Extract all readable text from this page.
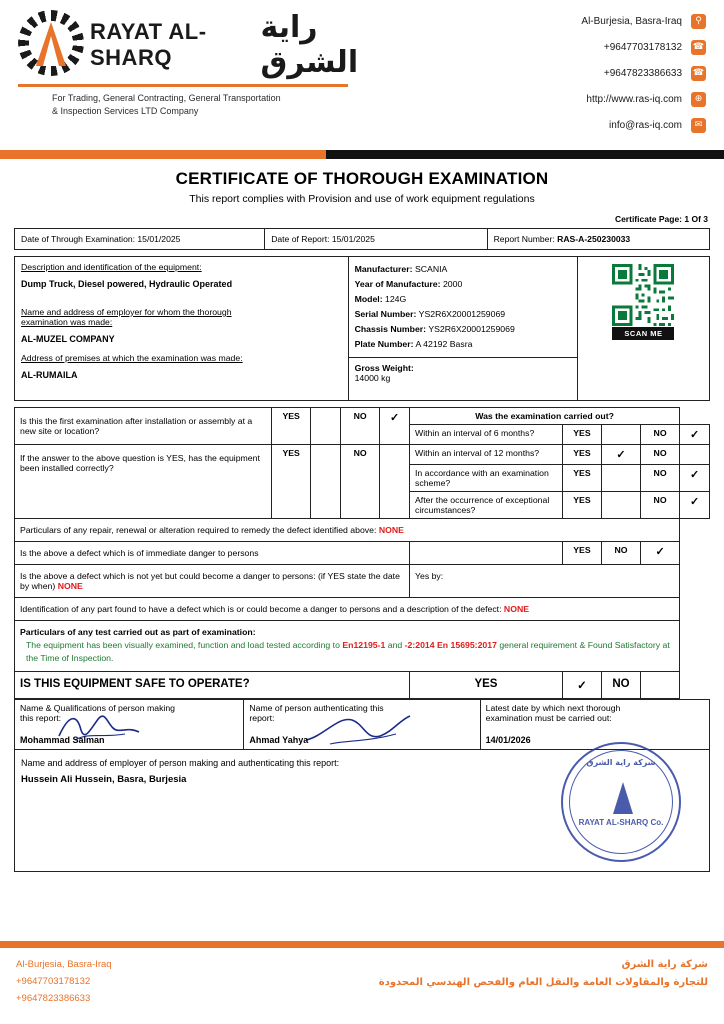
RAYAT AL-SHARQ
راية الشرق
For Trading, General Contracting, General Transportation
& Inspection Services LTD Company
Al-Burjesia, Basra-Iraq	⚲
+9647703178132 ☎
+9647823386633 ☎
http://www.ras-iq.com	⊕
info@ras-iq.com	✉
CERTIFICATE OF THOROUGH EXAMINATION
This report complies with Provision and use of work equipment regulations
Certificate Page: 1 Of 3
Date of Through Examination: 15/01/2025	Date of Report: 15/01/2025	Report Number: RAS-A-250230033
Description and identification of the equipment:
Dump Truck, Diesel powered, Hydraulic Operated
Name and address of employer for whom the thorough
examination was made:
AL-MUZEL COMPANY
Address of premises at which the examination was made:
AL-RUMAILA

Manufacturer: SCANIA
Year of Manufacture: 2000
Model: 124G
Serial Number: YS2R6X20001259069
Chassis Number: YS2R6X20001259069
Plate Number: A 42192 Basra

SCAN ME

Gross Weight:
14000 kg
Is this the first examination after installation or assembly at a new site or location?	YES		NO	✓	Was the examination carried out?				
					Within an interval of 6 months?	YES		NO	✓
If the answer to the above question is YES, has the equipment been installed correctly?	YES		NO		Within an interval of 12 months?	YES	✓	NO	
					In accordance with an examination scheme?	YES		NO	✓
					After the occurrence of exceptional circumstances?	YES		NO	✓
Particulars of any repair, renewal or alteration required to remedy the defect identified above: NONE									
Is the above a defect which is of immediate danger to persons						YES	NO	✓	
Is the above a defect which is not yet but could become a danger to persons: (if YES state the date by when) NONE					Yes by:				
Identification of any part found to have a defect which is or could become a danger to persons and a description of the defect: NONE									

Particulars of any test carried out as part of examination:
The equipment has been visually examined, function and load tested according to En12195-1 and -2:2014 En 15695:2017 general requirement & Found Satisfactory at the Time of Inspection.									

IS THIS EQUIPMENT SAFE TO OPERATE?					YES	✓	NO		
Name & Qualifications of person making
this report:
Mohammad Salman

Name of person authenticating this
report:
Ahmad Yahya

Latest date by which next thorough
examination must be carried out:
14/01/2026

Name and address of employer of person making and authenticating this report:
Hussein Ali Hussein, Basra, Burjesia
شركة راية الشرق
RAYAT AL-SHARQ Co.
Al-Burjesia, Basra-Iraq
+9647703178132
+9647823386633
شركة راية الشرق
للتجارة والمقاولات العامة والنقل العام والفحص الهندسي المحدودة
